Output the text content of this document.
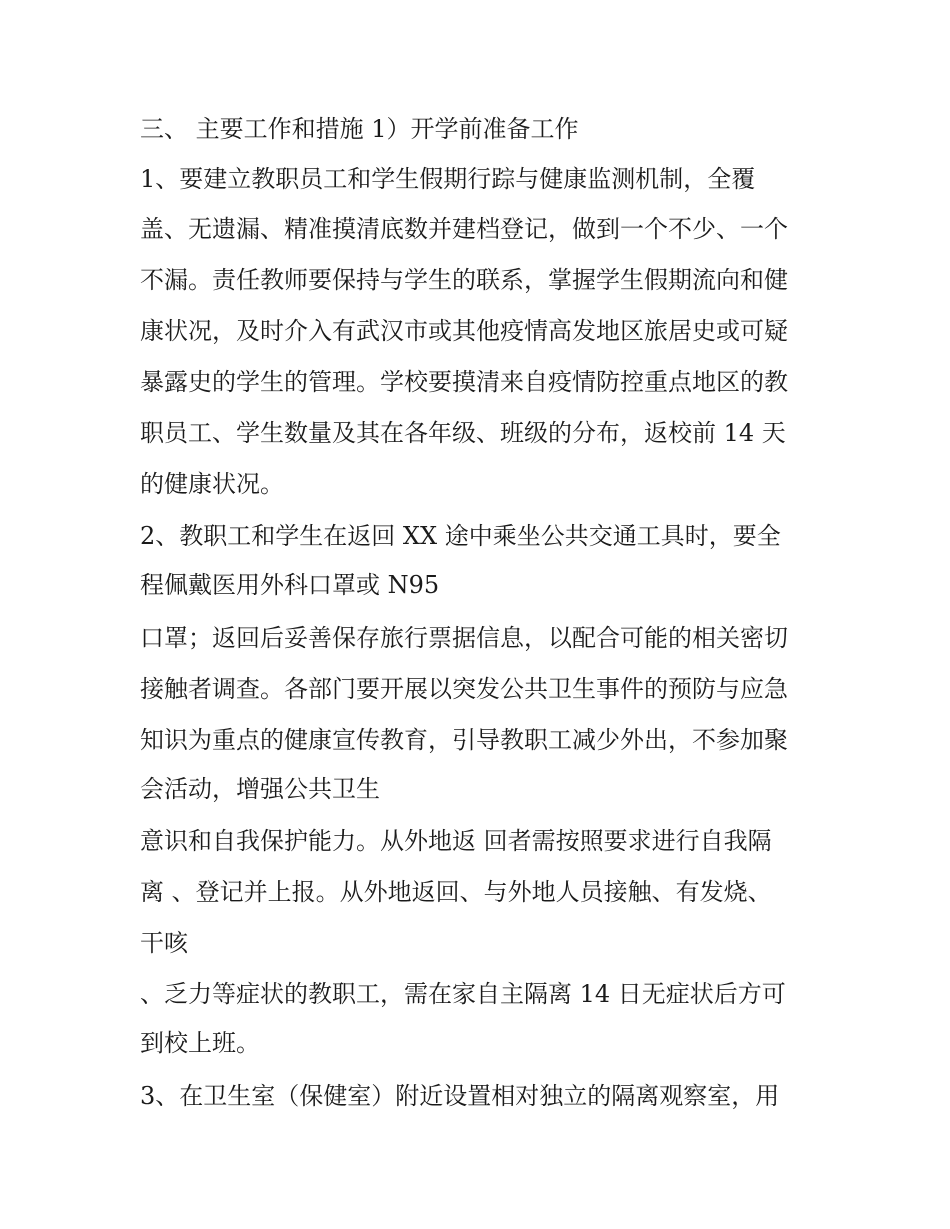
三、 主要工作和措施 1）开学前准备工作
1、要建立教职员工和学生假期行踪与健康监测机制，全覆
盖、无遗漏、精准摸清底数并建档登记，做到一个不少、一个
不漏。责任教师要保持与学生的联系，掌握学生假期流向和健
康状况，及时介入有武汉市或其他疫情高发地区旅居史或可疑
暴露史的学生的管理。学校要摸清来自疫情防控重点地区的教
职员工、学生数量及其在各年级、班级的分布，返校前 14 天
的健康状况。
2、教职工和学生在返回 XX 途中乘坐公共交通工具时，要全
程佩戴医用外科口罩或 N95
口罩；返回后妥善保存旅行票据信息，以配合可能的相关密切
接触者调查。各部门要开展以突发公共卫生事件的预防与应急
知识为重点的健康宣传教育，引导教职工减少外出，不参加聚
会活动，增强公共卫生
意识和自我保护能力。从外地返 回者需按照要求进行自我隔
离 、登记并上报。从外地返回、与外地人员接触、有发烧、
干咳
、乏力等症状的教职工，需在家自主隔离 14 日无症状后方可
到校上班。
3、在卫生室（保健室）附近设置相对独立的隔离观察室，用
